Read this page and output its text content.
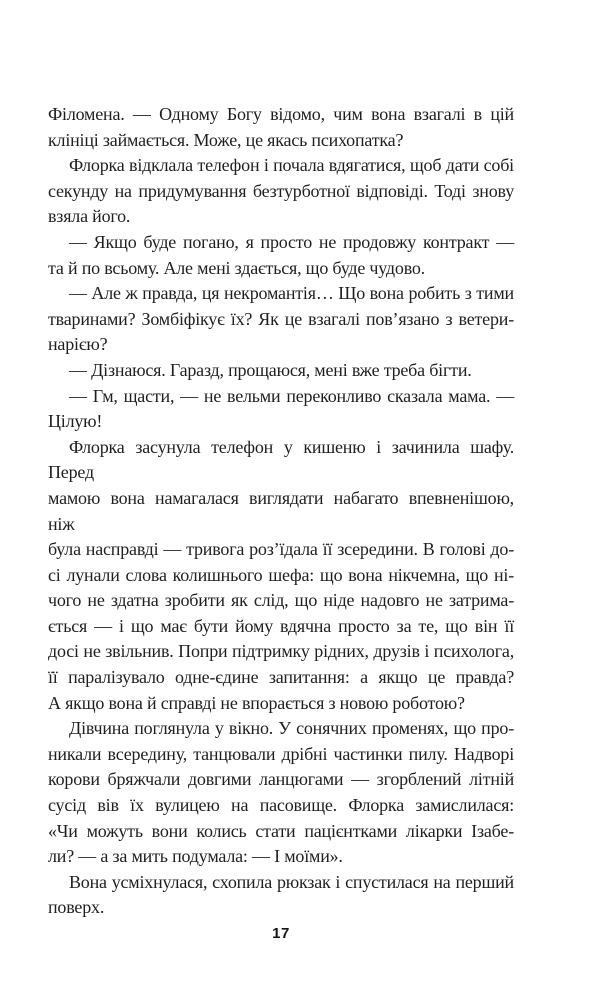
Філомена. — Одному Богу відомо, чим вона взагалі в цій
клініці займається. Може, це якась психопатка?
Флорка відклала телефон і почала вдягатися, щоб дати собі
секунду на придумування безтурботної відповіді. Тоді знову
взяла його.
— Якщо буде погано, я просто не продовжу контракт —
та й по всьому. Але мені здається, що буде чудово.
— Але ж правда, ця некромантія… Що вона робить з тими
тваринами? Зомбіфікує їх? Як це взагалі пов’язано з ветери-
нарією?
— Дізнаюся. Гаразд, прощаюся, мені вже треба бігти.
— Гм, щасти, — не вельми переконливо сказала мама. —
Цілую!
Флорка засунула телефон у кишеню і зачинила шафу. Перед
мамою вона намагалася виглядати набагато впевненішою, ніж
була насправді — тривога роз’їдала її зсередини. В голові до-
сі лунали слова колишнього шефа: що вона нікчемна, що ні-
чого не здатна зробити як слід, що ніде надовго не затрима-
ється — і що має бути йому вдячна просто за те, що він її
досі не звільнив. Попри підтримку рідних, друзів і психолога,
її паралізувало одне-єдине запитання: а якщо це правда?
А якщо вона й справді не впорається з новою роботою?
Дівчина поглянула у вікно. У сонячних променях, що про-
никали всередину, танцювали дрібні частинки пилу. Надворі
корови бряжчали довгими ланцюгами — згорблений літній
сусід вів їх вулицею на пасовище. Флорка замислилася:
«Чи можуть вони колись стати пацієнтками лікарки Ізабе-
ли? — а за мить подумала: — І моїми».
Вона усміхнулася, схопила рюкзак і спустилася на перший
поверх.
17
